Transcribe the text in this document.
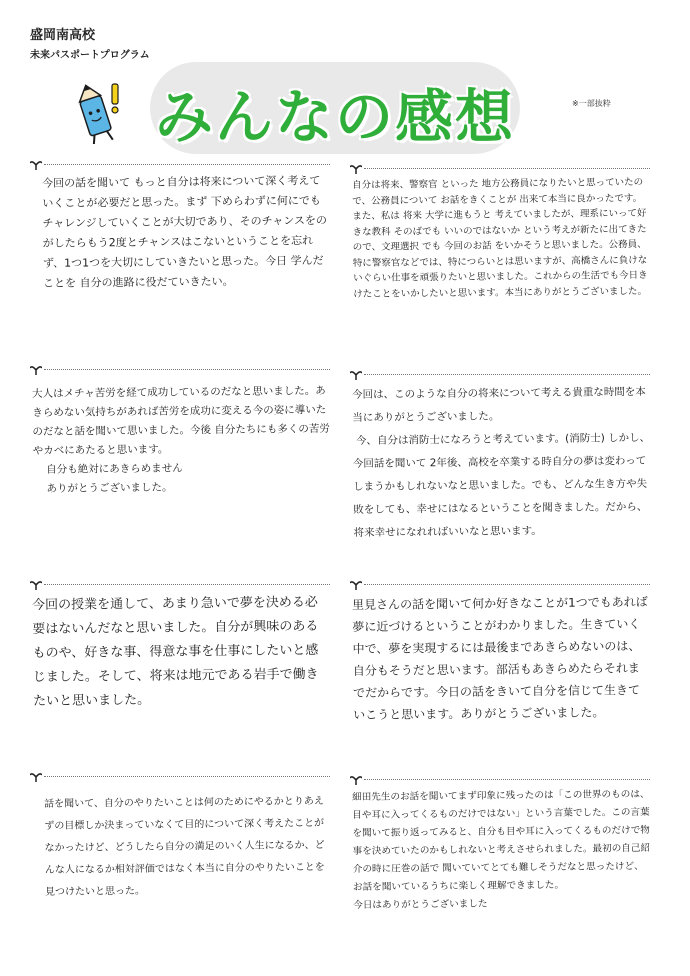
盛岡南高校
未来パスポートプログラム
みんなの感想	※一部抜粋
今回の話を聞いて もっと自分は将来について深く考えていくことが必要だと思った。まず 下めらわずに何にでもチャレンジしていくことが大切であり、そのチャンスをのがしたらもう2度とチャンスはこないということを忘れず、1つ1つを大切にしていきたいと思った。今日 学んだことを 自分の進路に役だていきたい。
自分は将来、警察官 といった 地方公務員になりたいと思っていたので、公務員について お話をきくことが 出来て本当に良かったです。また、私は 将来 大学に進もうと 考えていましたが、理系にいって好きな教科 そのばでも いいのではないか という考えが新たに出てきたので、文理選択 でも 今回のお話 をいかそうと思いました。公務員、特に警察官などでは、特につらいとは思いますが、高橋さんに負けないぐらい仕事を頑張りたいと思いました。これからの生活でも今日きけたことをいかしたいと思います。本当にありがとうございました。
大人はメチャ苦労を経て成功しているのだなと思いました。あきらめない気持ちがあれば苦労を成功に変える今の姿に導いたのだなと話を聞いて思いました。今後 自分たちにも多くの苦労やカベにあたると思います。
自分も絶対にあきらめません
ありがとうございました。
今回は、このような自分の将来について考える貴重な時間を本当にありがとうございました。
今、自分は消防士になろうと考えています。(消防士) しかし、今回話を聞いて 2年後、高校を卒業する時自分の夢は変わってしまうかもしれないなと思いました。でも、どんな生き方や失敗をしても、幸せにはなるということを聞きました。だから、将来幸せになれればいいなと思います。
今回の授業を通して、あまり急いで夢を決める必要はないんだなと思いました。自分が興味のあるものや、好きな事、得意な事を仕事にしたいと感じました。そして、将来は地元である岩手で働きたいと思いました。
里見さんの話を聞いて何か好きなことが1つでもあれば夢に近づけるということがわかりました。生きていく中で、夢を実現するには最後まであきらめないのは、自分もそうだと思います。部活もあきらめたらそれまでだからです。今日の話をきいて自分を信じて生きていこうと思います。ありがとうございました。
話を聞いて、自分のやりたいことは何のためにやるかとりあえずの目標しか決まっていなくて目的について深く考えたことがなかったけど、どうしたら自分の満足のいく人生になるか、どんな人になるか相対評価ではなく本当に自分のやりたいことを見つけたいと思った。
細田先生のお話を聞いてまず印象に残ったのは「この世界のものは、目や耳に入ってくるものだけではない」という言葉でした。この言葉を聞いて振り返ってみると、自分も目や耳に入ってくるものだけで物事を決めていたのかもしれないと考えさせられました。最初の自己紹介の時に圧巻の話で 聞いていてとても難しそうだなと思ったけど、お話を聞いているうちに楽しく理解できました。
今日はありがとうございました
